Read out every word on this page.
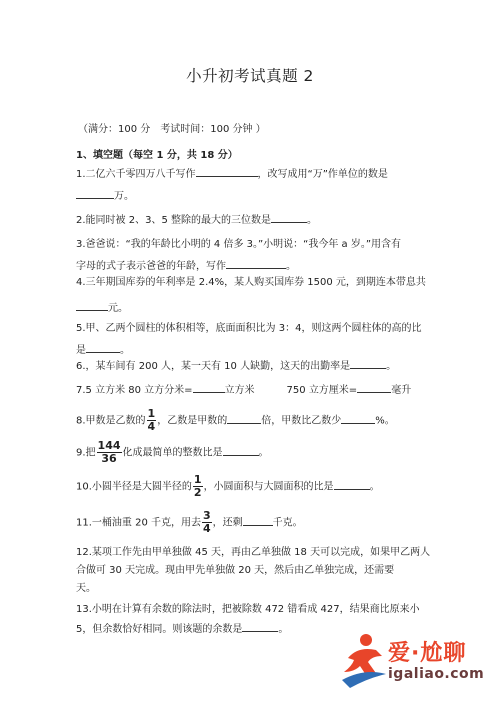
小升初考试真题 2
（满分：100 分　考试时间：100 分钟 ）
1、填空题（每空 1 分，共 18 分）
1.二亿六千零四万八千写作	，改写成用“万”作单位的数是
万。
2.能同时被 2、3、5 整除的最大的三位数是	。
3.爸爸说：“我的年龄比小明的 4 倍多 3。”小明说：“我今年 a 岁。”用含有
字母的式子表示爸爸的年龄，写作	。
4.三年期国库券的年利率是 2.4%，某人购买国库券 1500 元，到期连本带息共
元。
5.甲、乙两个圆柱的体积相等，底面面积比为 3：4，则这两个圆柱体的高的比
是	。
6.，某车间有 200 人，某一天有 10 人缺勤，这天的出勤率是	。
7.5 立方米 80 立方分米=	立方米	750 立方厘米=	毫升
8.甲数是乙数的 $\frac{1}{4}$ ，乙数是甲数的	倍，甲数比乙数少	%。
9.把 $\frac{144}{36}$ 化成最简单的整数比是	。
10.小圆半径是大圆半径的 $\frac{1}{2}$ ，小圆面积与大圆面积的比是	。
11.一桶油重 20 千克，用去 $\frac{3}{4}$ ，还剩	千克。
12.某项工作先由甲单独做 45 天，再由乙单独做 18 天可以完成，如果甲乙两人
合做可 30 天完成。现由甲先单独做 20 天，然后由乙单独完成，还需要
天。
13.小明在计算有余数的除法时，把被除数 472 错看成 427，结果商比原来小
5，但余数恰好相同。则该题的余数是	。
爱·尬聊
igaliao.com
